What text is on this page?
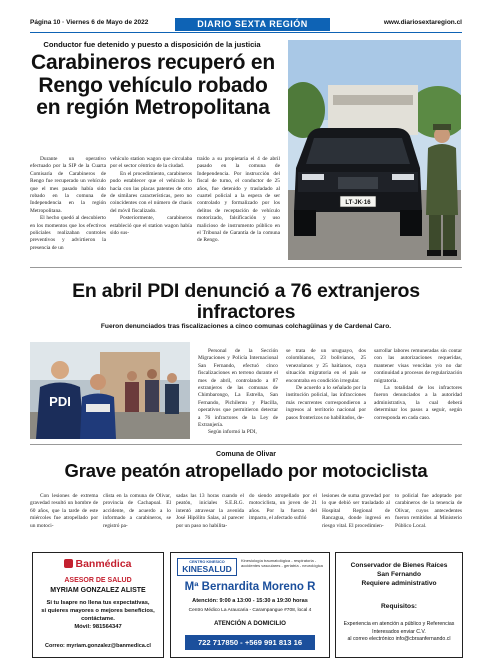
Página 10 · Viernes 6 de Mayo de 2022	DIARIO SEXTA REGIÓN	www.diariosextaregion.cl
Conductor fue detenido y puesto a disposición de la justicia
Carabineros recuperó en Rengo vehículo robado en región Metropolitana

Durante un operativo efectuado por la SIP de la Cuarta Comisaría de Carabineros de Rengo fue recuperado un vehículo que el mes pasado había sido robado en la comuna de Independencia en la región Metropolitana.

El hecho quedó al descubierto en los momentos que los efectivos policiales realizaban controles preventivos y advirtieron la presencia de un

vehículo station wagon que circulaba por el sector céntrico de la ciudad.

En el procedimiento, carabineros pudo establecer que el vehículo lo hacía con las placas patentes de otro de similares características, pero no coincidentes con el número de chasis del móvil fiscalizado.

Posteriormente, carabineros estableció que el station wagon había sido sus-

traído a su propietaria el 4 de abril pasado en la comuna de Independencia. Por instrucción del fiscal de turno, el conductor de 25 años, fue detenido y trasladado al cuartel policial a la espera de ser controlado y formalizado por los delitos de receptación de vehículo motorizado, falsificación y uso malicioso de instrumento público en el Tribunal de Garantía de la comuna de Rengo.

LT·JK·16
En abril PDI denunció a 76 extranjeros infractores
Fueron denunciados tras fiscalizaciones a cinco comunas colchagüinas y de Cardenal Caro.
PDI

Personal de la Sección Migraciones y Policía Internacional San Fernando, efectuó cinco fiscalizaciones en terreno durante el mes de abril, controlando a 87 extranjeros de las comunas de Chimbarongo, La Estrella, San Fernando, Pichilemu y Placilla, operativos que permitieron detectar a 76 infractores de la Ley de Extranjería.

Según informó la PDI,

se trata de un uruguayo, dos colombianos, 23 bolivianos, 25 venezolanos y 25 haitianos, cuya situación migratoria en el país se encontraba en condición irregular.

De acuerdo a lo señalado por la institución policial, las infracciones más recurrentes correspondieron a ingresos al territorio nacional por pasos fronterizos no habilitados, de-

sarrollar labores remuneradas sin contar con las autorizaciones requeridas, mantener visas vencidas y/o no dar continuidad a procesos de regularización migratoria.

La totalidad de los infractores fueron denunciados a la autoridad administrativa, la cual deberá determinar los pasos a seguir, según corresponda en cada caso.

Comuna de Olivar
Grave peatón atropellado por motociclista
Con lesiones de extrema gravedad resultó un hombre de 60 años, que la tarde de este miércoles fue atropellado por un motoci-
clista en la comuna de Olivar, provincia de Cachapoal. El accidente, de acuerdo a lo informado a carabineros, se registró pa-
sadas las 13 horas cuando el peatón, iniciales S.E.R.G. intentó atravesar la avenida José Hipólito Salas, al parecer por un paso no habilita-
do siendo atropellado por el motociclista, un joven de 21 años. Por la fuerza del impacto, el afectado sufrió
lesiones de suma gravedad por lo que debió ser trasladado al Hospital Regional de Rancagua, donde ingresó en riesgo vital. El procedimien-
to policial fue adoptado por carabineros de la tenencia de Olivar, cuyos antecedentes fueron remitidos al Ministerio Público Local.
Banmédica
ASESOR DE SALUD
MYRIAM GONZALEZ ALISTE
Si tu Isapre no llena tus expectativas,
si quieres mayores o mejores beneficios,
contáctame.
Móvil: 981564347
Correo: myriam.gonzalez@banmedica.cl
CENTRO KINESICO
KINESALUD
Kinesiología traumatológica - respiratoria - accidentes vasculares - geriatría - neurológica
Mª Bernardita Moreno R
Atención: 9:00 a 13:00 - 15:30 a 19:30 horas
Centro Médico La Araucaria - Carampangue #708, local 4
ATENCIÓN A DOMICILIO
722 717850 - +569 991 813 16
Conservador de Bienes Raíces
San Fernando
Requiere administrativo
Requisitos:
Experiencia en atención a público y Referencias
Interesados enviar C.V.
al correo electrónico info@cbrsanfernando.cl
